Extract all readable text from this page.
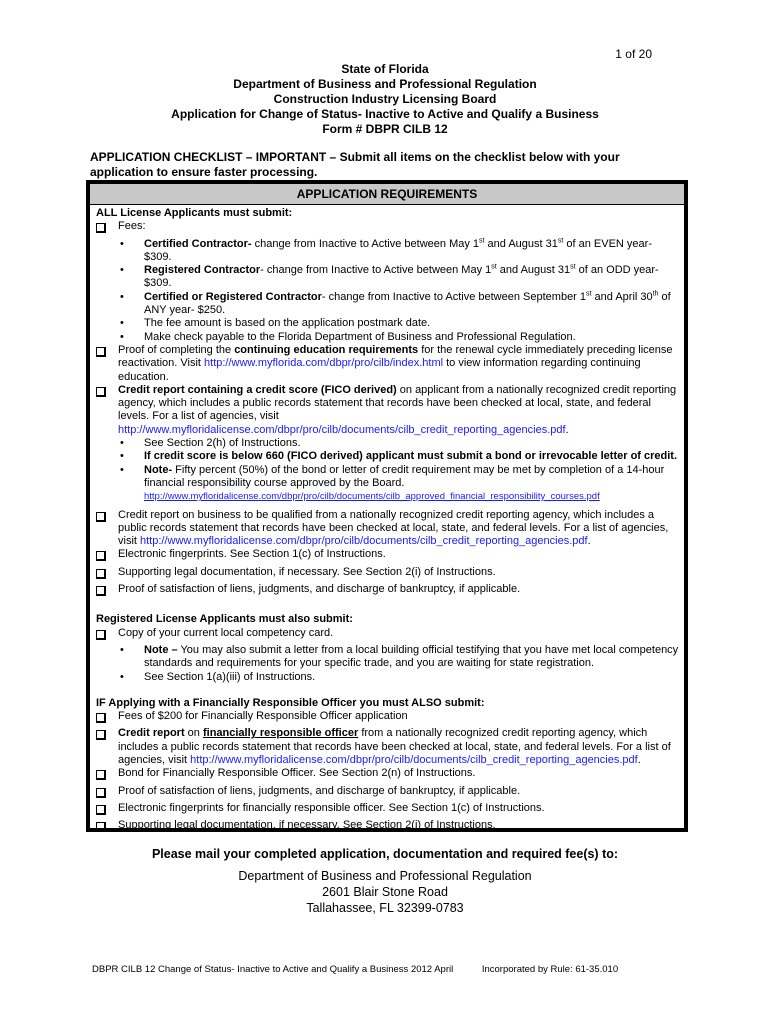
1 of 20
State of Florida
Department of Business and Professional Regulation
Construction Industry Licensing Board
Application for Change of Status- Inactive to Active and Qualify a Business
Form # DBPR CILB 12
APPLICATION CHECKLIST – IMPORTANT – Submit all items on the checklist below with your application to ensure faster processing.
APPLICATION REQUIREMENTS
ALL License Applicants must submit:
Fees:
•	Certified Contractor- change from Inactive to Active between May 1st and August 31st of an EVEN year- $309.
•	Registered Contractor- change from Inactive to Active between May 1st and August 31st of an ODD year- $309.
•	Certified or Registered Contractor- change from Inactive to Active between September 1st and April 30th of ANY year- $250.
•	The fee amount is based on the application postmark date.
•	Make check payable to the Florida Department of Business and Professional Regulation.
Proof of completing the continuing education requirements for the renewal cycle immediately preceding license reactivation. Visit http://www.myflorida.com/dbpr/pro/cilb/index.html to view information regarding continuing education.
Credit report containing a credit score (FICO derived) on applicant from a nationally recognized credit reporting agency, which includes a public records statement that records have been checked at local, state, and federal levels. For a list of agencies, visit http://www.myfloridalicense.com/dbpr/pro/cilb/documents/cilb_credit_reporting_agencies.pdf.
•	See Section 2(h) of Instructions.
•	If credit score is below 660 (FICO derived) applicant must submit a bond or irrevocable letter of credit.
•	Note- Fifty percent (50%) of the bond or letter of credit requirement may be met by completion of a 14-hour financial responsibility course approved by the Board.
http://www.myfloridalicense.com/dbpr/pro/cilb/documents/cilb_approved_financial_responsibility_courses.pdf
Credit report on business to be qualified from a nationally recognized credit reporting agency, which includes a public records statement that records have been checked at local, state, and federal levels. For a list of agencies, visit http://www.myfloridalicense.com/dbpr/pro/cilb/documents/cilb_credit_reporting_agencies.pdf.
Electronic fingerprints. See Section 1(c) of Instructions.
Supporting legal documentation, if necessary. See Section 2(i) of Instructions.
Proof of satisfaction of liens, judgments, and discharge of bankruptcy, if applicable.
Registered License Applicants must also submit:
Copy of your current local competency card.
•	Note – You may also submit a letter from a local building official testifying that you have met local competency standards and requirements for your specific trade, and you are waiting for state registration.
•	See Section 1(a)(iii) of Instructions.
IF Applying with a Financially Responsible Officer you must ALSO submit:
Fees of $200 for Financially Responsible Officer application
Credit report on financially responsible officer from a nationally recognized credit reporting agency, which includes a public records statement that records have been checked at local, state, and federal levels. For a list of agencies, visit http://www.myfloridalicense.com/dbpr/pro/cilb/documents/cilb_credit_reporting_agencies.pdf.
Bond for Financially Responsible Officer. See Section 2(n) of Instructions.
Proof of satisfaction of liens, judgments, and discharge of bankruptcy, if applicable.
Electronic fingerprints for financially responsible officer. See Section 1(c) of Instructions.
Supporting legal documentation, if necessary. See Section 2(i) of Instructions.
Please mail your completed application, documentation and required fee(s) to:
Department of Business and Professional Regulation
2601 Blair Stone Road
Tallahassee, FL 32399-0783
DBPR CILB 12 Change of Status- Inactive to Active and Qualify a Business 2012 April	Incorporated by Rule: 61-35.010
